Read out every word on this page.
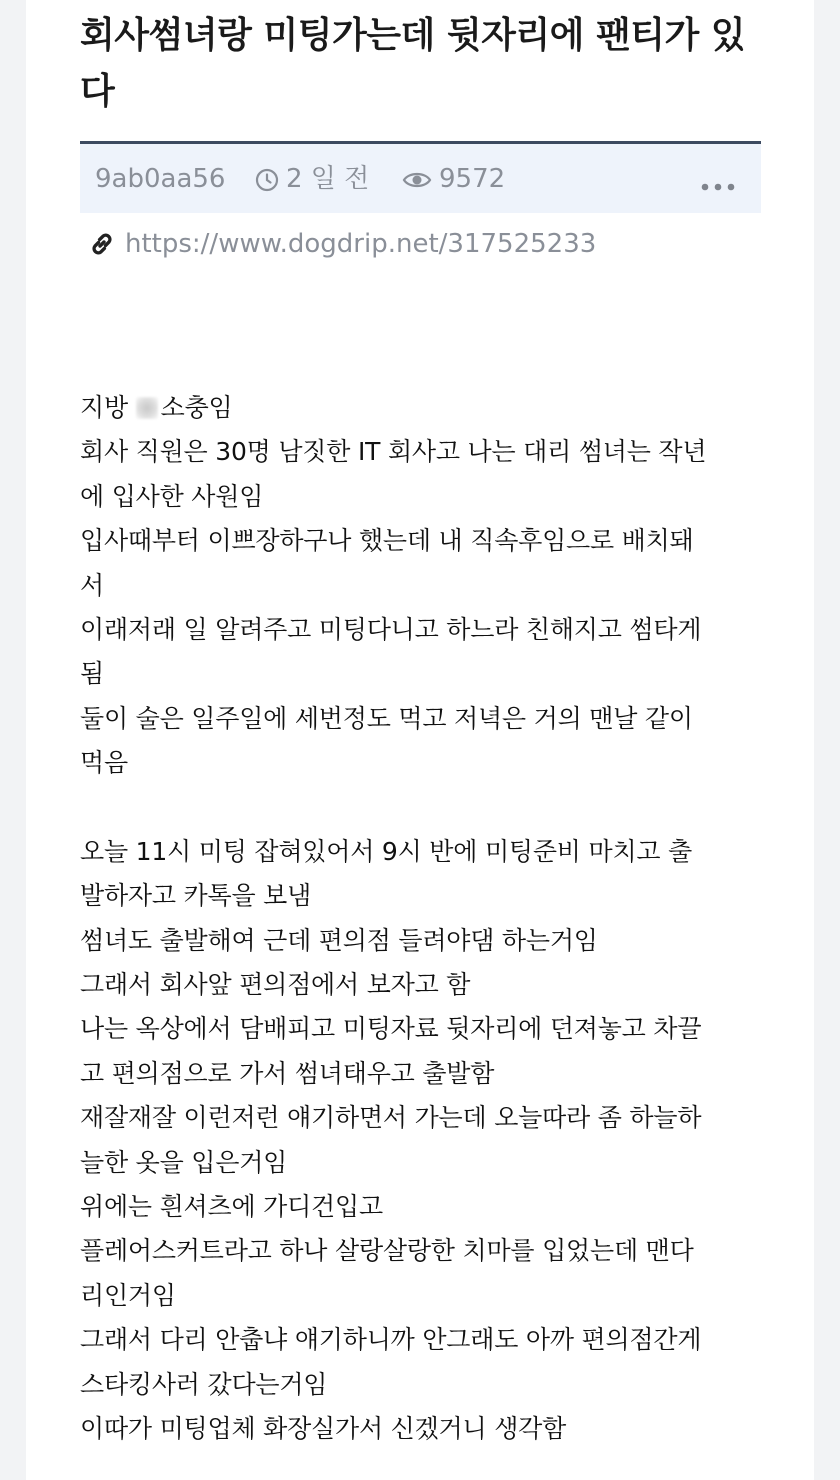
회사썸녀랑 미팅가는데 뒷자리에 팬티가 있다
9ab0aa56 2 일 전	9572
https://www.dogdrip.net/317525233
지방 소충임
회사 직원은 30명 남짓한 IT 회사고 나는 대리 썸녀는 작년
에 입사한 사원임
입사때부터 이쁘장하구나 했는데 내 직속후임으로 배치돼
서
이래저래 일 알려주고 미팅다니고 하느라 친해지고 썸타게
됨
둘이 술은 일주일에 세번정도 먹고 저녁은 거의 맨날 같이
먹음
오늘 11시 미팅 잡혀있어서 9시 반에 미팅준비 마치고 출
발하자고 카톡을 보냄
썸녀도 출발해여 근데 편의점 들려야댐 하는거임
그래서 회사앞 편의점에서 보자고 함
나는 옥상에서 담배피고 미팅자료 뒷자리에 던져놓고 차끌
고 편의점으로 가서 썸녀태우고 출발함
재잘재잘 이런저런 얘기하면서 가는데 오늘따라 좀 하늘하
늘한 옷을 입은거임
위에는 흰셔츠에 가디건입고
플레어스커트라고 하나 살랑살랑한 치마를 입었는데 맨다
리인거임
그래서 다리 안춥냐 얘기하니까 안그래도 아까 편의점간게
스타킹사러 갔다는거임
이따가 미팅업체 화장실가서 신겠거니 생각함
